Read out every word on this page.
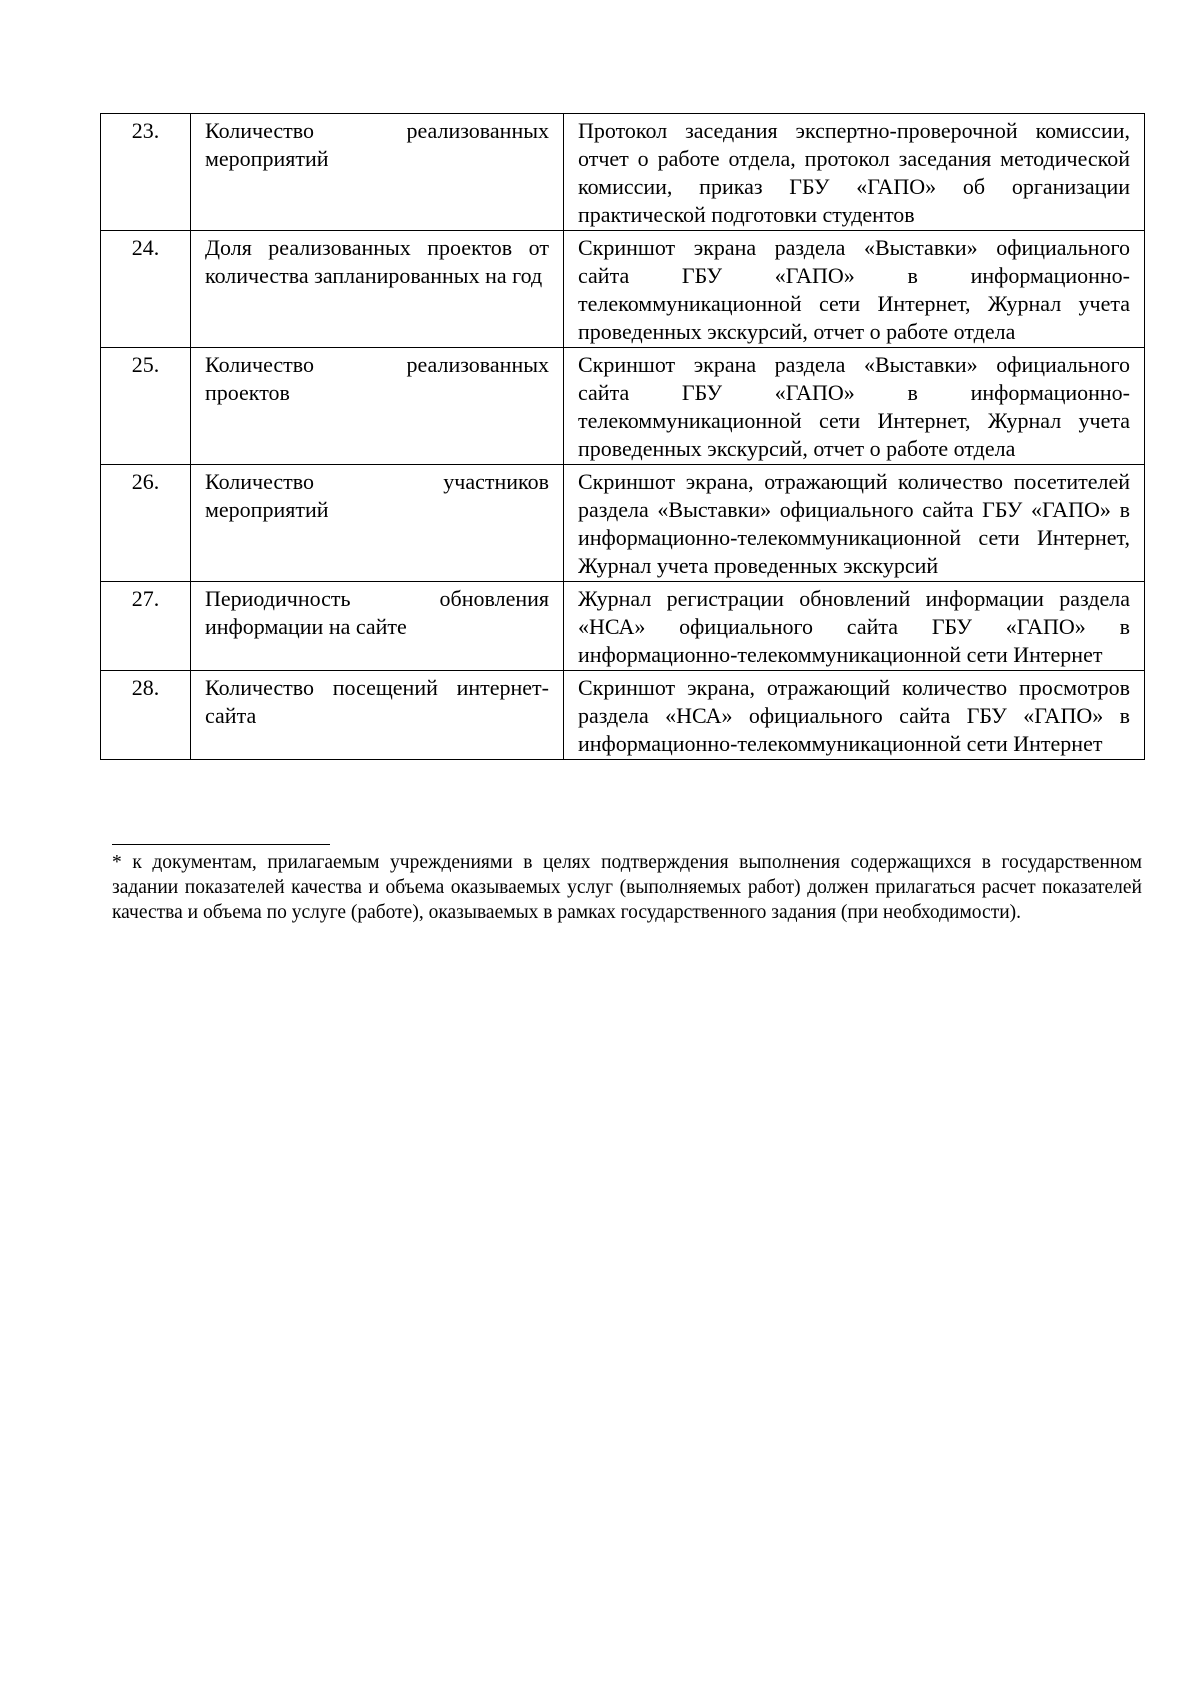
23.	Количество реализованных мероприятий	Протокол заседания экспертно-проверочной комиссии, отчет о работе отдела, протокол заседания методической комиссии, приказ ГБУ «ГАПО» об организации практической подготовки студентов
24.	Доля реализованных проектов от количества запланированных на год	Скриншот экрана раздела «Выставки» официального сайта ГБУ «ГАПО» в информационно-телекоммуникационной сети Интернет, Журнал учета проведенных экскурсий, отчет о работе отдела
25.	Количество реализованных проектов	Скриншот экрана раздела «Выставки» официального сайта ГБУ «ГАПО» в информационно-телекоммуникационной сети Интернет, Журнал учета проведенных экскурсий, отчет о работе отдела
26.	Количество участников мероприятий	Скриншот экрана, отражающий количество посетителей раздела «Выставки» официального сайта ГБУ «ГАПО» в информационно-телекоммуникационной сети Интернет, Журнал учета проведенных экскурсий
27.	Периодичность обновления информации на сайте	Журнал регистрации обновлений информации раздела «НСА» официального сайта ГБУ «ГАПО» в информационно-телекоммуникационной сети Интернет
28.	Количество посещений интернет-сайта	Скриншот экрана, отражающий количество просмотров раздела «НСА» официального сайта ГБУ «ГАПО» в информационно-телекоммуникационной сети Интернет
* к документам, прилагаемым учреждениями в целях подтверждения выполнения содержащихся в государственном задании показателей качества и объема оказываемых услуг (выполняемых работ) должен прилагаться расчет показателей качества и объема по услуге (работе), оказываемых в рамках государственного задания (при необходимости).
